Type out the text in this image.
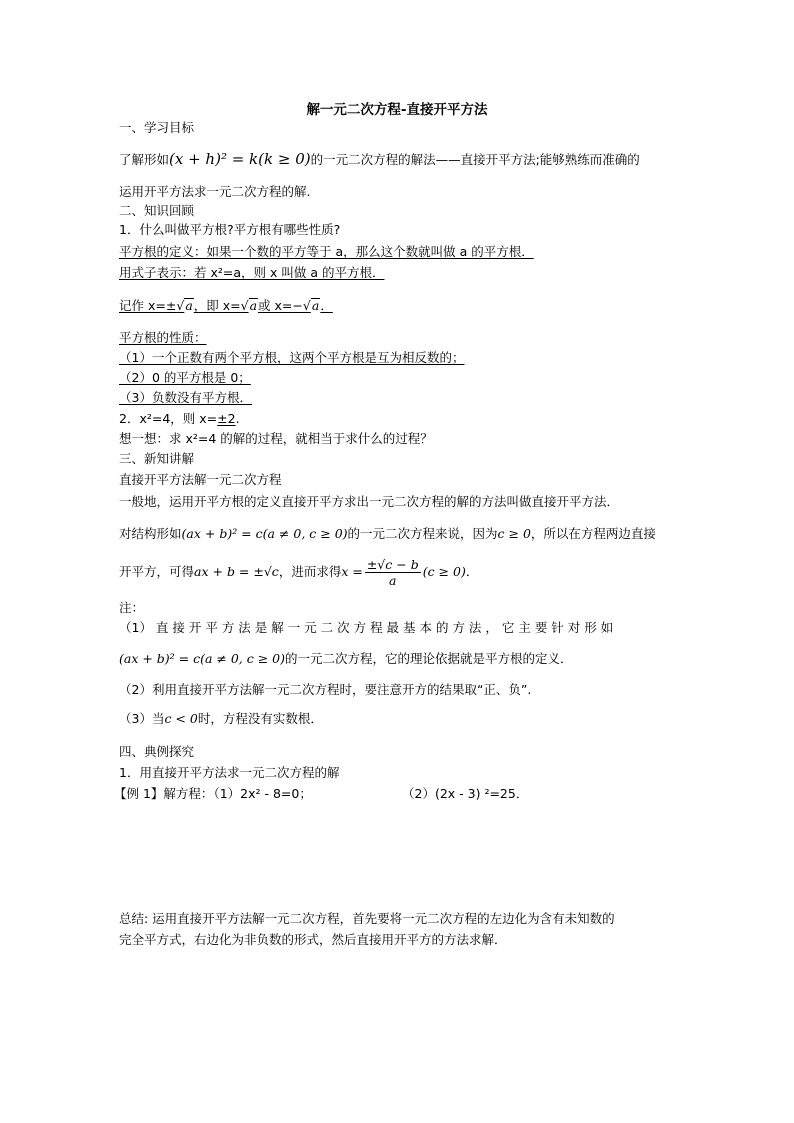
解一元二次方程-直接开平方法
一、学习目标
了解形如(x + h)² = k(k ≥ 0)的一元二次方程的解法——直接开平方法;能够熟练而准确的
运用开平方法求一元二次方程的解.
二、知识回顾
1．什么叫做平方根?平方根有哪些性质?
平方根的定义：如果一个数的平方等于 a，那么这个数就叫做 a 的平方根．
用式子表示：若 x²=a，则 x 叫做 a 的平方根．
记作 x=±√a，即 x=√a或 x=−√a．
平方根的性质：
（1）一个正数有两个平方根，这两个平方根是互为相反数的；
（2）0 的平方根是 0；
（3）负数没有平方根．
2．x²=4，则 x=±2.
想一想：求 x²=4 的解的过程，就相当于求什么的过程？
三、新知讲解
直接开平方法解一元二次方程
一般地，运用开平方根的定义直接开平方求出一元二次方程的解的方法叫做直接开平方法．
对结构形如(ax + b)² = c(a ≠ 0, c ≥ 0)的一元二次方程来说，因为c ≥ 0，所以在方程两边直接
开平方，可得ax + b = ±√c，进而求得$x = \frac{\pm√c - b}{a} (c \ge 0)$．
注：
（1） 直 接 开 平 方 法 是 解 一 元 二 次 方 程 最 基 本 的 方 法 ， 它 主 要 针 对 形 如
(ax + b)² = c(a ≠ 0, c ≥ 0)的一元二次方程，它的理论依据就是平方根的定义．
（2）利用直接开平方法解一元二次方程时，要注意开方的结果取“正、负”.
（3）当c < 0时，方程没有实数根．
四、典例探究
1．用直接开平方法求一元二次方程的解
【例 1】解方程：（1）2x² - 8=0；	（2）(2x - 3) ²=25．
总结: 运用直接开平方法解一元二次方程，首先要将一元二次方程的左边化为含有未知数的
完全平方式，右边化为非负数的形式，然后直接用开平方的方法求解．
